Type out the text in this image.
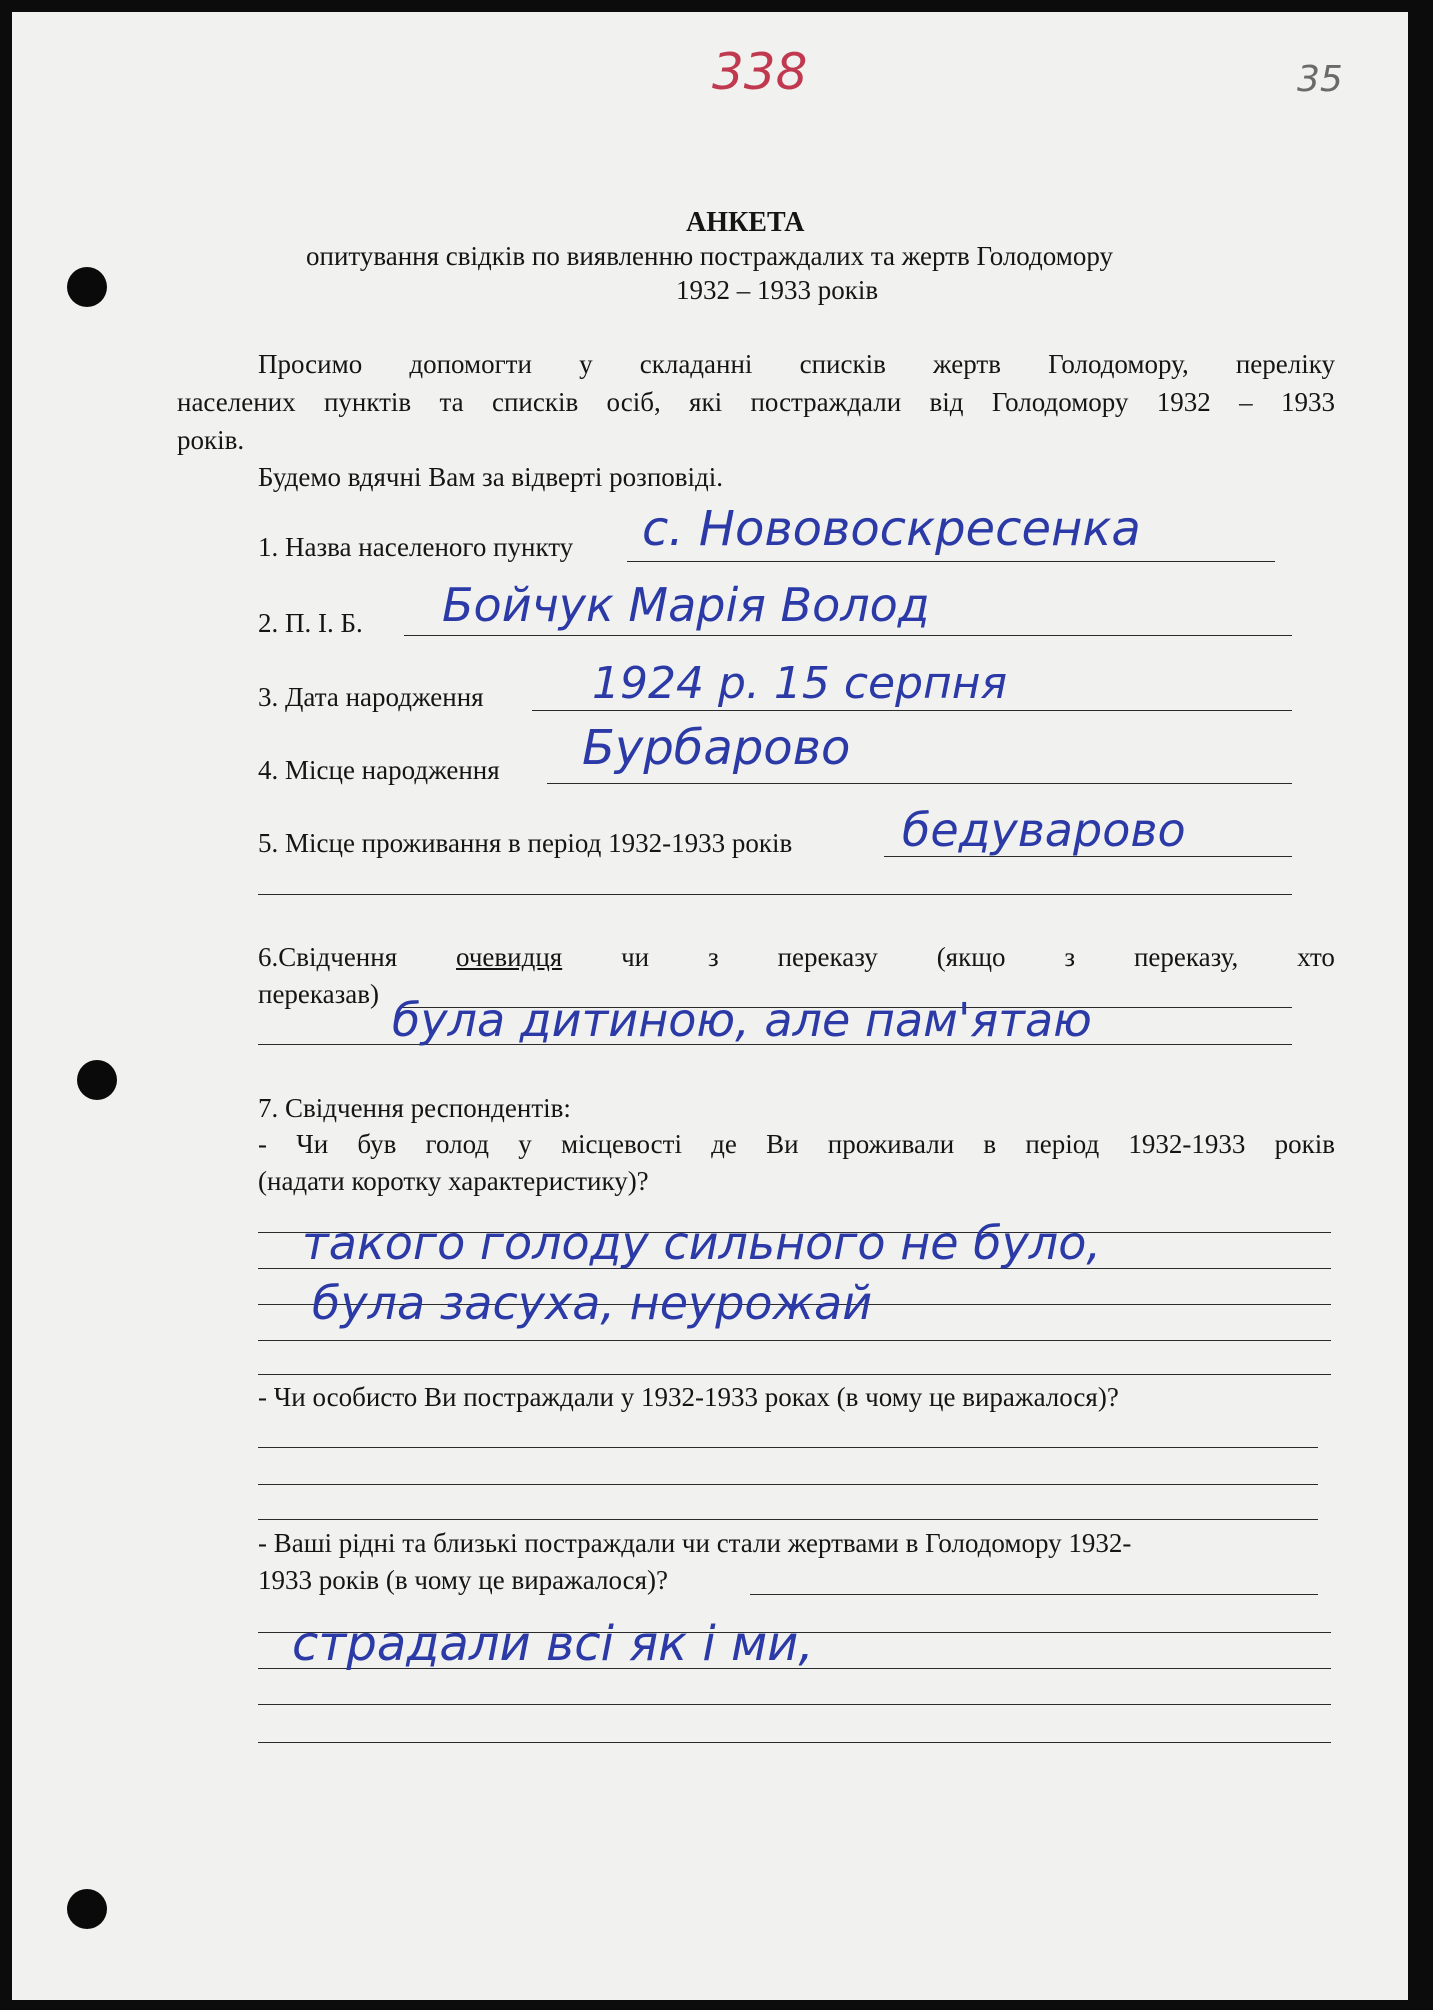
338	35
АНКЕТА
опитування свідків по виявленню постраждалих та жертв Голодомору
1932 – 1933 років
Просимо допомогти у складанні списків жертв Голодомору, переліку
населених пунктів та списків осіб, які постраждали від Голодомору 1932 – 1933
років.
Будемо вдячні Вам за відверті розповіді.
1. Назва населеного пункту с. Нововоскресенка
2. П. І. Б. Бойчук Марія Волод
3. Дата народження 1924 р. 15 серпня
4. Місце народження Бурбарово
5. Місце проживання в період 1932-1933 років бедуварово
6.Свідчення очевидця чи з переказу (якщо з переказу, хто
переказав) була дитиною, але пам'ятаю
7. Свідчення респондентів:
- Чи був голод у місцевості де Ви проживали в період 1932-1933 років
(надати коротку характеристику)?
такого голоду сильного не було,
була засуха, неурожай
- Чи особисто Ви постраждали у 1932-1933 роках (в чому це виражалося)?
- Ваші рідні та близькі постраждали чи стали жертвами в Голодомору 1932-
1933 років (в чому це виражалося)?
страдали всі як і ми,
